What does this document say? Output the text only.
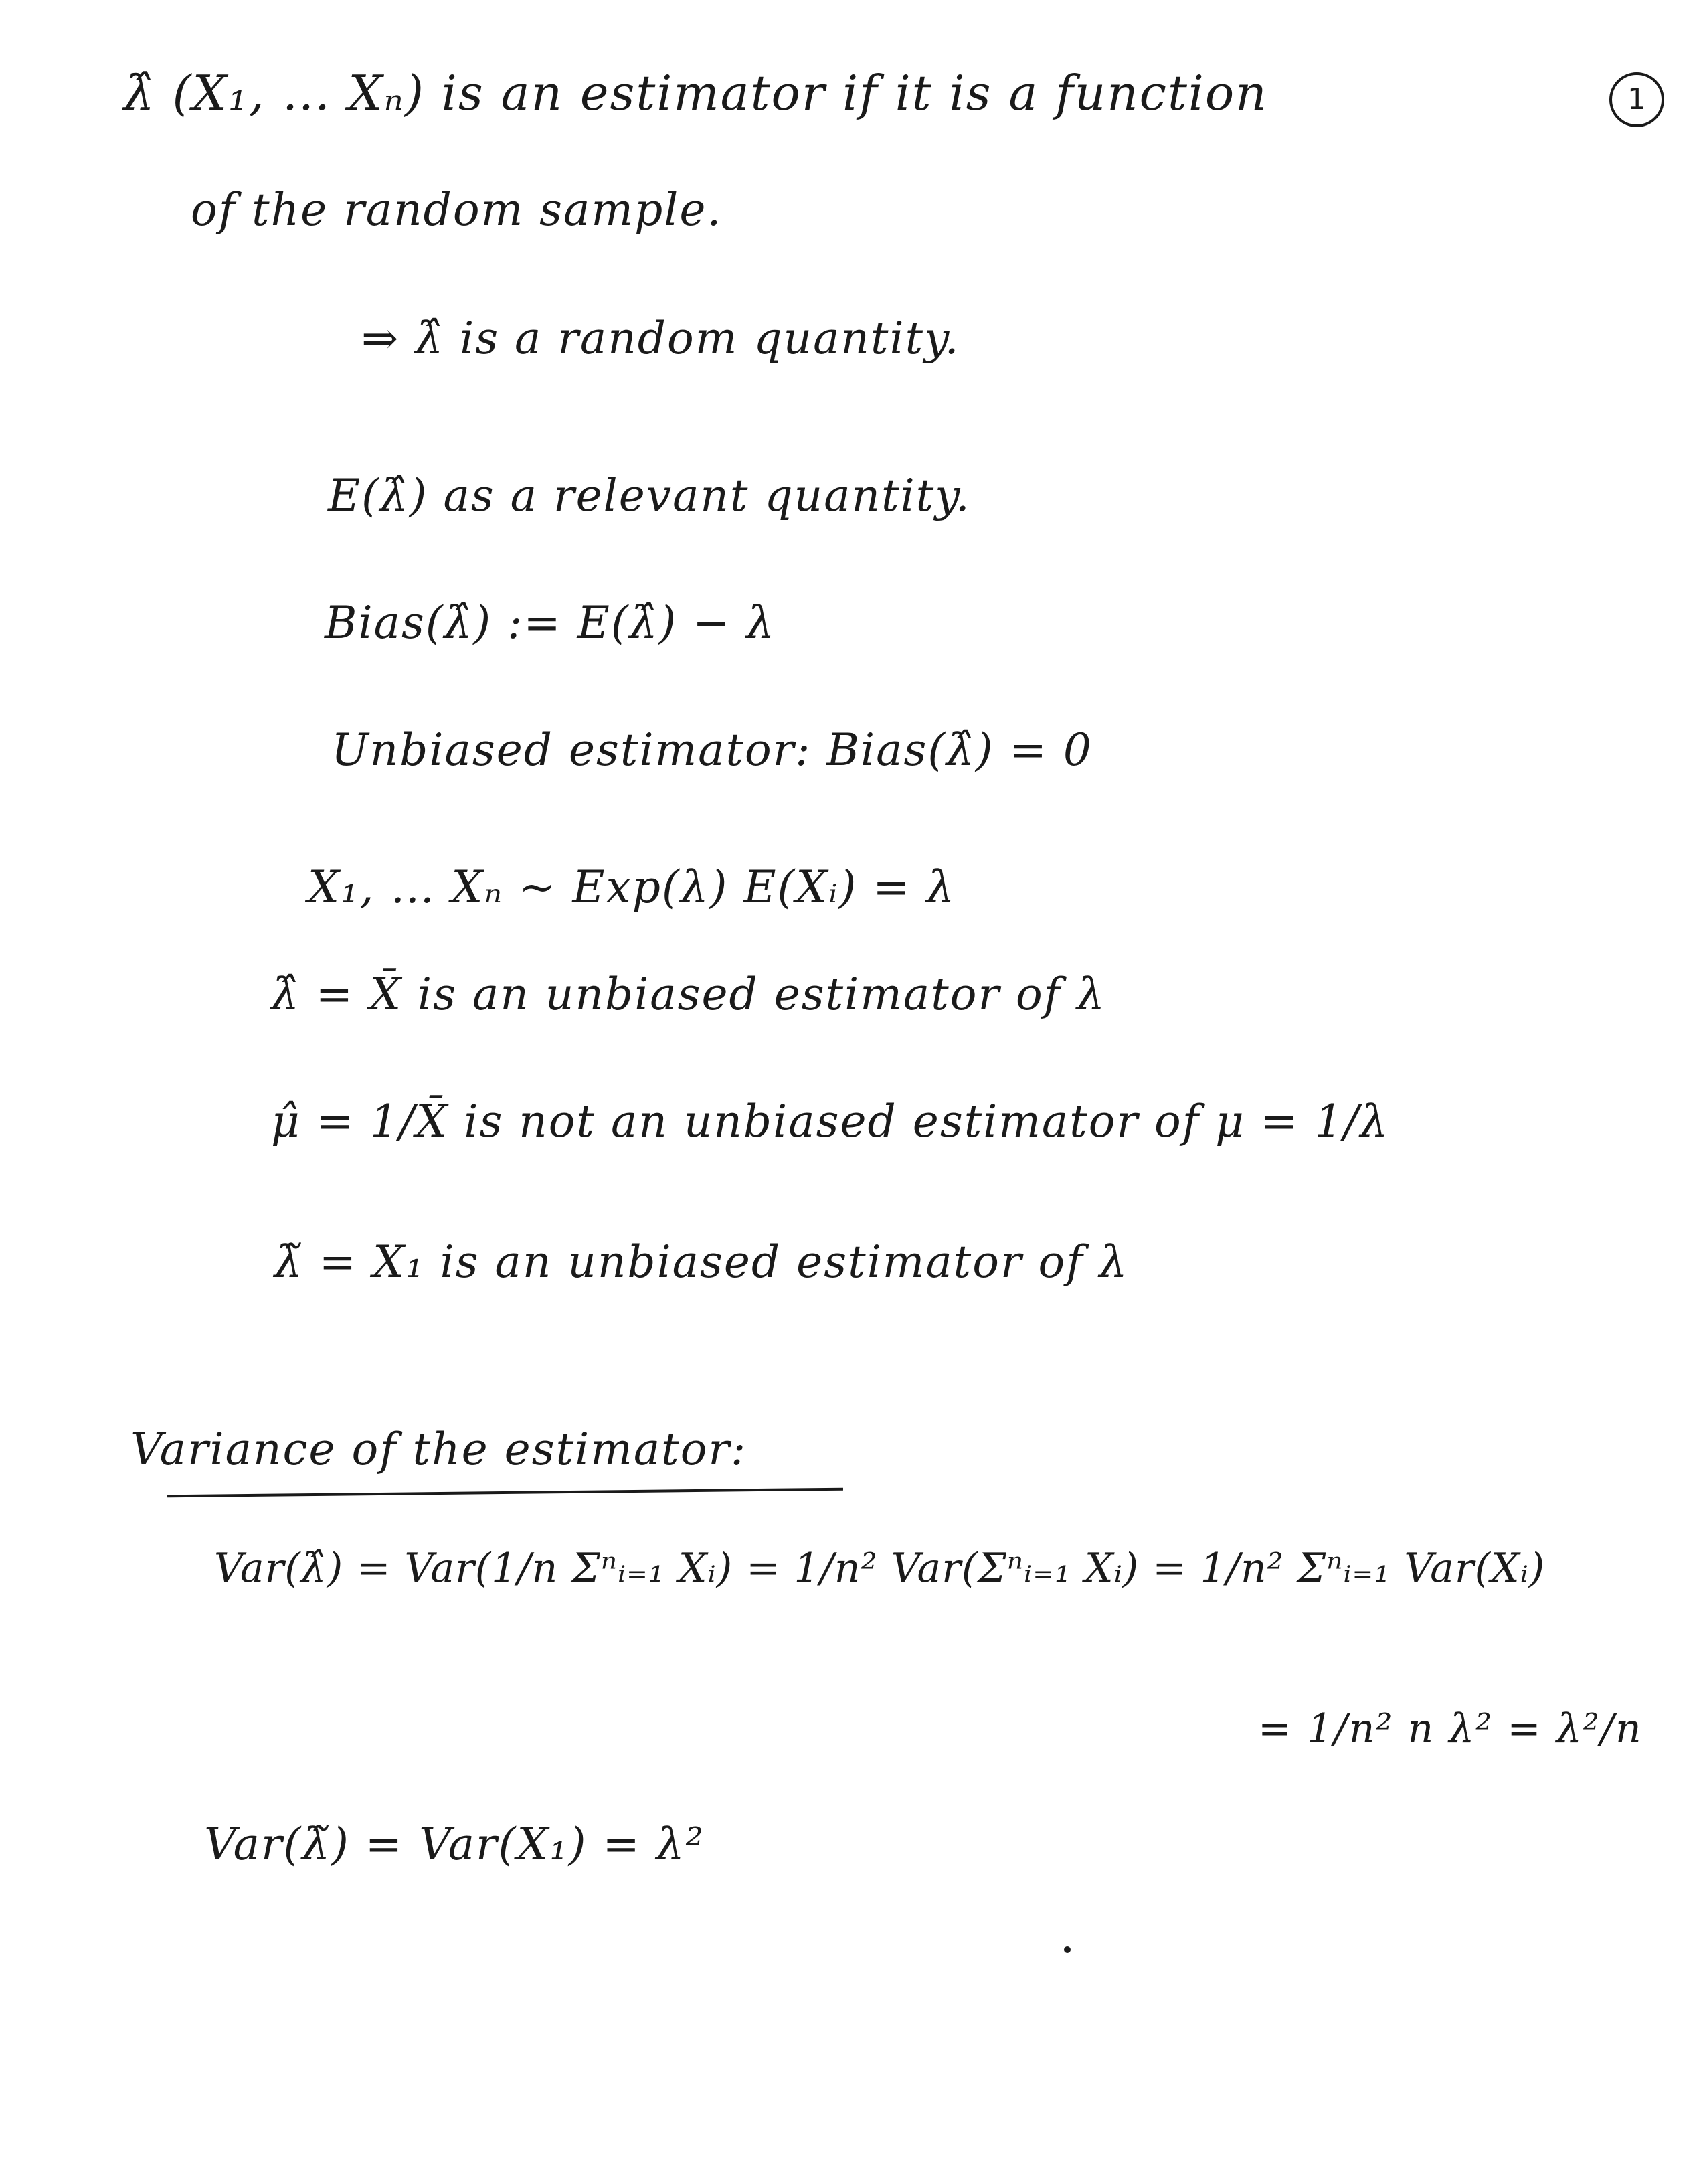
1
λ̂ (X₁, … Xₙ) is an estimator if it is a function
of the random sample.
⇒ λ̂ is a random quantity.
E(λ̂) as a relevant quantity.
Bias(λ̂) := E(λ̂) − λ
Unbiased estimator: Bias(λ̂) = 0
X₁, … Xₙ ~ Exp(λ) E(Xᵢ) = λ
λ̂ = X̄ is an unbiased estimator of λ
μ̂ = 1/X̄ is not an unbiased estimator of μ = 1/λ
λ̃ = X₁ is an unbiased estimator of λ
Variance of the estimator:
Var(λ̂) = Var(1/n Σⁿᵢ₌₁ Xᵢ) = 1/n² Var(Σⁿᵢ₌₁ Xᵢ) = 1/n² Σⁿᵢ₌₁ Var(Xᵢ)
= 1/n² n λ² = λ²/n
Var(λ̃) = Var(X₁) = λ²
